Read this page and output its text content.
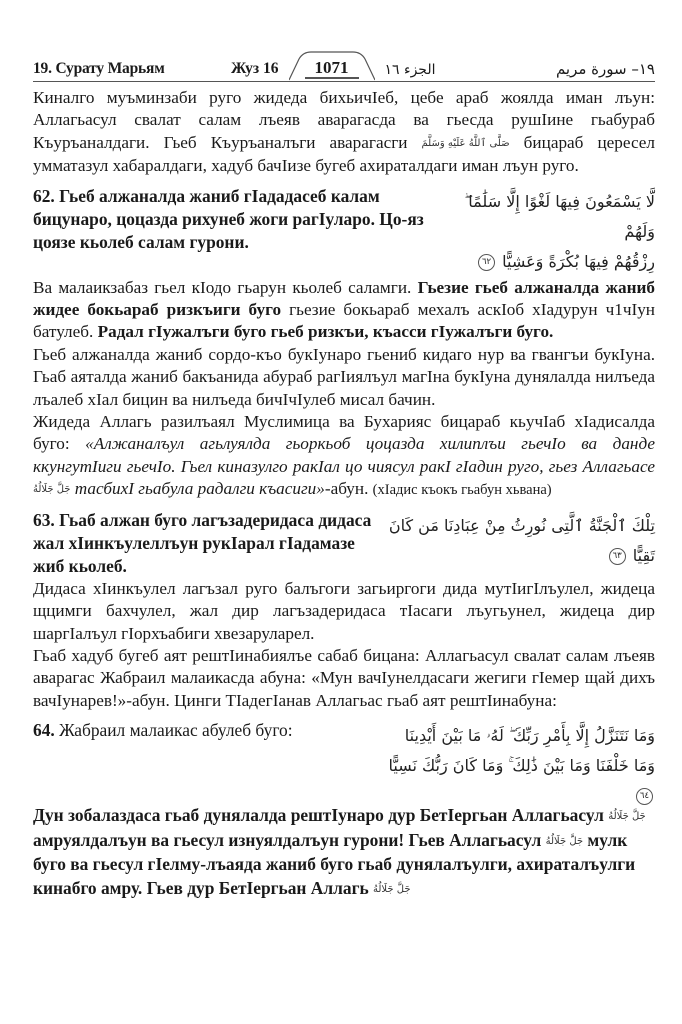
19. Сурату Марьям	Жуз 16	1071	الجزء ١٦	١٩– سورة مريم

Киналго муъминзаби руго жидеда бихьичIеб, цебе араб жоялда иман лъун: Аллагьасул свалат салам лъеяв аварагасда ва гьесда рушIине гьабураб Къуръаналдаги. Гьеб Къуръаналъги аварагасги صَلَّى ٱللَّهُ عَلَيْهِ وَسَلَّمَ бицараб цересел умматазул хабаралдаги, хадуб бачIизе бугеб ахираталдаги иман лъун руго.

62. Гьеб алжаналда жаниб гIададасеб калам бицунаро, цоцазда рихунеб жоги рагIуларо. Цо-яз цоязе кьолеб салам гурони.
لَّا يَسْمَعُونَ فِيهَا لَغْوًا إِلَّا سَلَٰمًا ۖ وَلَهُمْ
رِزْقُهُمْ فِيهَا بُكْرَةً وَعَشِيًّا ٦٢

Ва малаикзабаз гьел кIодо гьарун кьолеб саламги. Гьезие гьеб алжаналда жаниб жидее бокьараб ризкъиги буго гьезие бокьараб мехалъ аскIоб хIадурун ч1чIун батулеб. Радал гIужалъги буго гьеб ризкъи, къасси гIужалъги буго.

Гьеб алжаналда жаниб сордо-къо букIунаро гьениб кидаго нур ва гвангъи букIуна. Гьаб аяталда жаниб бакъанида абураб рагIиялъул магIна букIуна дунялалда нилъеда лъалеб хIал бицин ва нилъеда бичIчIулеб мисал бачин.

Жидеда Аллагь разилъаял Муслимица ва Бухарияс бицараб кьучIаб хIадисалда буго: «Алжаналъул агьлуялда гьоркьоб цоцазда хилиплъи гьечIо ва данде ккунгутIиги гьечIо. Гьел киназулго ракIал цо чиясул ракI гIадин руго, гьез Аллагьасе جَلَّ جَلَالُهُ тасбихI гьабула радалги къасиги»-абун. (хIадис къокъ гьабун хьвана)

63. Гьаб алжан буго лагъзадеридаса дидаса жал хIинкъулеллъун рукIарал гIадамазе жиб кьолеб.
تِلْكَ ٱلْجَنَّةُ ٱلَّتِى نُورِثُ مِنْ عِبَادِنَا مَن كَانَ
تَقِيًّا ٦٣

Дидаса хIинкъулел лагъзал руго балъгоги загьиргоги дида мутIигIлъулел, жидеца щцимги бахчулел, жал дир лагъзадеридаса тIасаги лъугьунел, жидеца дир шаргIалъул гIорхъабиги хвезаруларел.

Гьаб хадуб бугеб аят рештIинабиялъе сабаб бицана: Аллагьасул свалат салам лъеяв аварагас Жабраил малаикасда абуна: «Мун вачIунелдасаги жегиги гIемер щай дихъ вачIунарев!»-абун. Цинги ТIадегIанав Аллагьас гьаб аят рештIинабуна:

64. Жабраил малаикас абулеб буго:	وَمَا نَتَنَزَّلُ إِلَّا بِأَمْرِ رَبِّكَ ۖ لَهُۥ مَا بَيْنَ أَيْدِينَا
وَمَا خَلْفَنَا وَمَا بَيْنَ ذَٰلِكَ ۚ وَمَا كَانَ رَبُّكَ نَسِيًّا ٦٤

Дун зобалаздаса гьаб дунялалда рештIунаро дур БетIергьан Аллагьасул جَلَّ جَلَالُهُ амруялдалъун ва гьесул изнуялдалъун гурони! Гьев Аллагьасул جَلَّ جَلَالُهُ мулк буго ва гьесул гIелму-лъаяда жаниб буго гьаб дунялалъулги, ахираталъулги кинабго амру. Гьев дур БетIергьан Аллагь جَلَّ جَلَالُهُ
